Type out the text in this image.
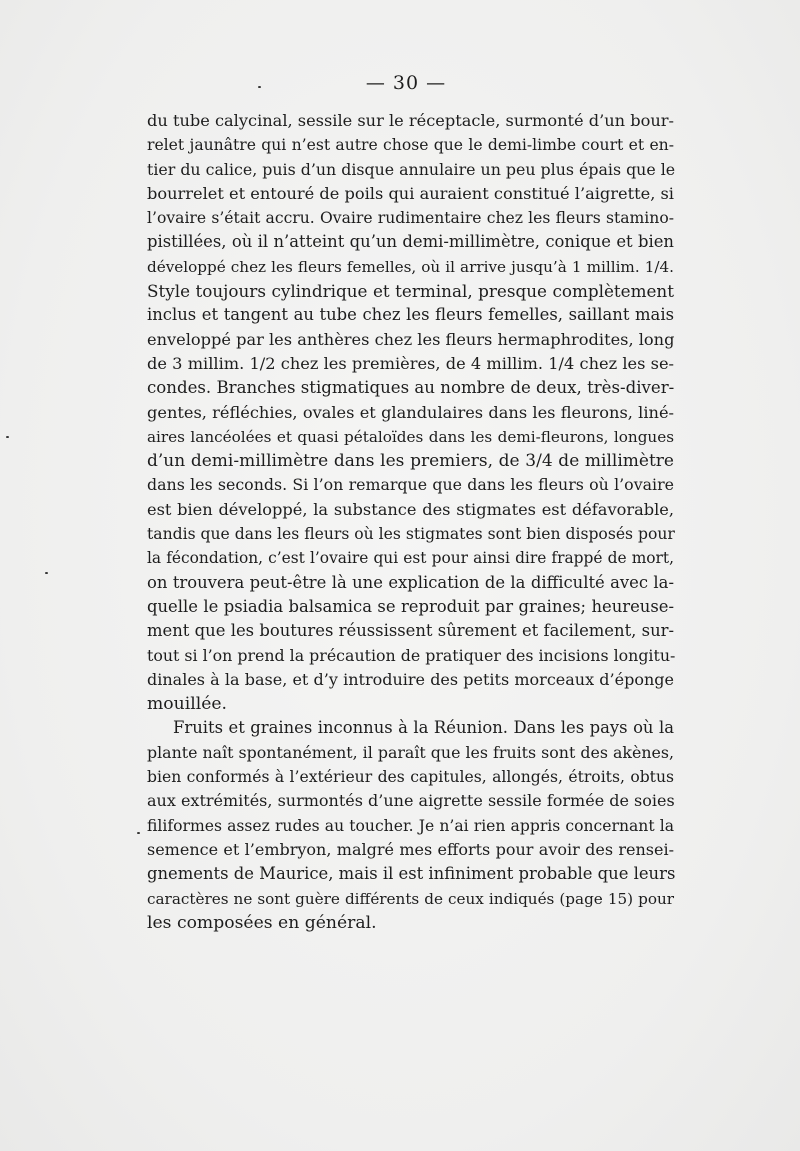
— 30 —
du tube calycinal, sessile sur le réceptacle, surmonté d’un bour-
relet jaunâtre qui n’est autre chose que le demi-limbe court et en-
tier du calice, puis d’un disque annulaire un peu plus épais que le
bourrelet et entouré de poils qui auraient constitué l’aigrette, si
l’ovaire s’était accru. Ovaire rudimentaire chez les fleurs stamino-
pistillées, où il n’atteint qu’un demi-millimètre, conique et bien
développé chez les fleurs femelles, où il arrive jusqu’à 1 millim. 1/4.
Style toujours cylindrique et terminal, presque complètement
inclus et tangent au tube chez les fleurs femelles, saillant mais
enveloppé par les anthères chez les fleurs hermaphrodites, long
de 3 millim. 1/2 chez les premières, de 4 millim. 1/4 chez les se-
condes. Branches stigmatiques au nombre de deux, très-diver-
gentes, réfléchies, ovales et glandulaires dans les fleurons, liné-
aires lancéolées et quasi pétaloïdes dans les demi-fleurons, longues
d’un demi-millimètre dans les premiers, de 3/4 de millimètre
dans les seconds. Si l’on remarque que dans les fleurs où l’ovaire
est bien développé, la substance des stigmates est défavorable,
tandis que dans les fleurs où les stigmates sont bien disposés pour
la fécondation, c’est l’ovaire qui est pour ainsi dire frappé de mort,
on trouvera peut-être là une explication de la difficulté avec la-
quelle le psiadia balsamica se reproduit par graines; heureuse-
ment que les boutures réussissent sûrement et facilement, sur-
tout si l’on prend la précaution de pratiquer des incisions longitu-
dinales à la base, et d’y introduire des petits morceaux d’éponge
mouillée.
Fruits et graines inconnus à la Réunion. Dans les pays où la
plante naît spontanément, il paraît que les fruits sont des akènes,
bien conformés à l’extérieur des capitules, allongés, étroits, obtus
aux extrémités, surmontés d’une aigrette sessile formée de soies
filiformes assez rudes au toucher. Je n’ai rien appris concernant la
semence et l’embryon, malgré mes efforts pour avoir des rensei-
gnements de Maurice, mais il est infiniment probable que leurs
caractères ne sont guère différents de ceux indiqués (page 15) pour
les composées en général.
